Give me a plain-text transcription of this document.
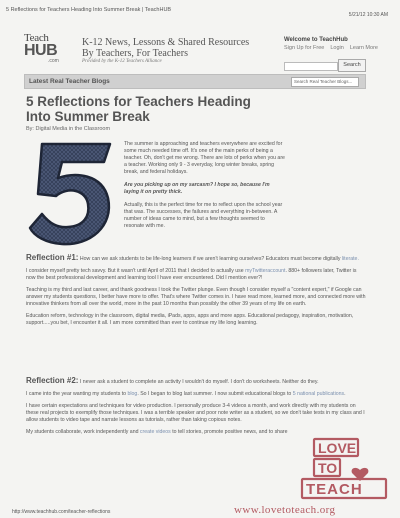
5 Reflections for Teachers Heading Into Summer Break | TeachHUB
5/21/12 10:30 AM
Teach
HUB
.com
K-12 News, Lessons & Shared Resources
By Teachers, For Teachers
Provided by the K-12 Teachers Alliance
Welcome to TeachHub
Sign Up for Free Login Learn More
Search
Latest Real Teacher Blogs	Search Real Teacher Blogs...
5 Reflections for Teachers Heading Into Summer Break
By: Digital Media in the Classroom
5

The summer is approaching and teachers everywhere are excited for some much needed time off. It's one of the main perks of being a teacher. Oh, don't get me wrong. There are lots of perks when you are a teacher. Working only 9 - 3 everyday, long winter breaks, spring break, and federal holidays.

Are you picking up on my sarcasm? I hope so, because I'm laying it on pretty thick.

Actually, this is the perfect time for me to reflect upon the school year that was. The successes, the failures and everything in-between. A number of ideas came to mind, but a few thoughts seemed to resonate with me.

Reflection #1: How can we ask students to be life-long learners if we aren't learning ourselves? Educators must become digitally literate.

I consider myself pretty tech savvy. But it wasn't until April of 2011 that I decided to actually use myTwitteraccount. 880+ followers later, Twitter is now the best professional development and learning tool I have ever encountered. Did I mention ever?!

Teaching is my third and last career, and thank goodness I took the Twitter plunge. Even though I consider myself a "content expert," if Google can answer my students questions, I better have more to offer. That's where Twitter comes in. I have read more, learned more, and connected more with innovative thinkers from all over the world, more in the past 10 months than possibly the other 39 years of my life on earth.

Education reform, technology in the classroom, digital media, iPads, apps, apps and more apps. Educational pedagogy, inspiration, motivation, support.....you bet, I encounter it all. I am more committed than ever to continue my life long learning.

Reflection #2: I never ask a student to complete an activity I wouldn't do myself. I don't do worksheets. Neither do they.

I came into the year wanting my students to blog. So I began to blog last summer. I now submit educational blogs to 5 national publications.

I have certain expectations and techniques for video production. I personally produce 3-4 videos a month, and work directly with my students on these real projects to exemplify those techniques. I was a terrible speaker and poor note writer as a student, so we don't take tests in my class and I allow students to video tape and narrate lessons as tutorials, rather than taking copious notes.

My students collaborate, work independently and create videos to tell stories, promote positive news, and to share

http://www.teachhub.com/teacher-reflections
LOVE
TO
TEACH
www.lovetoteach.org
